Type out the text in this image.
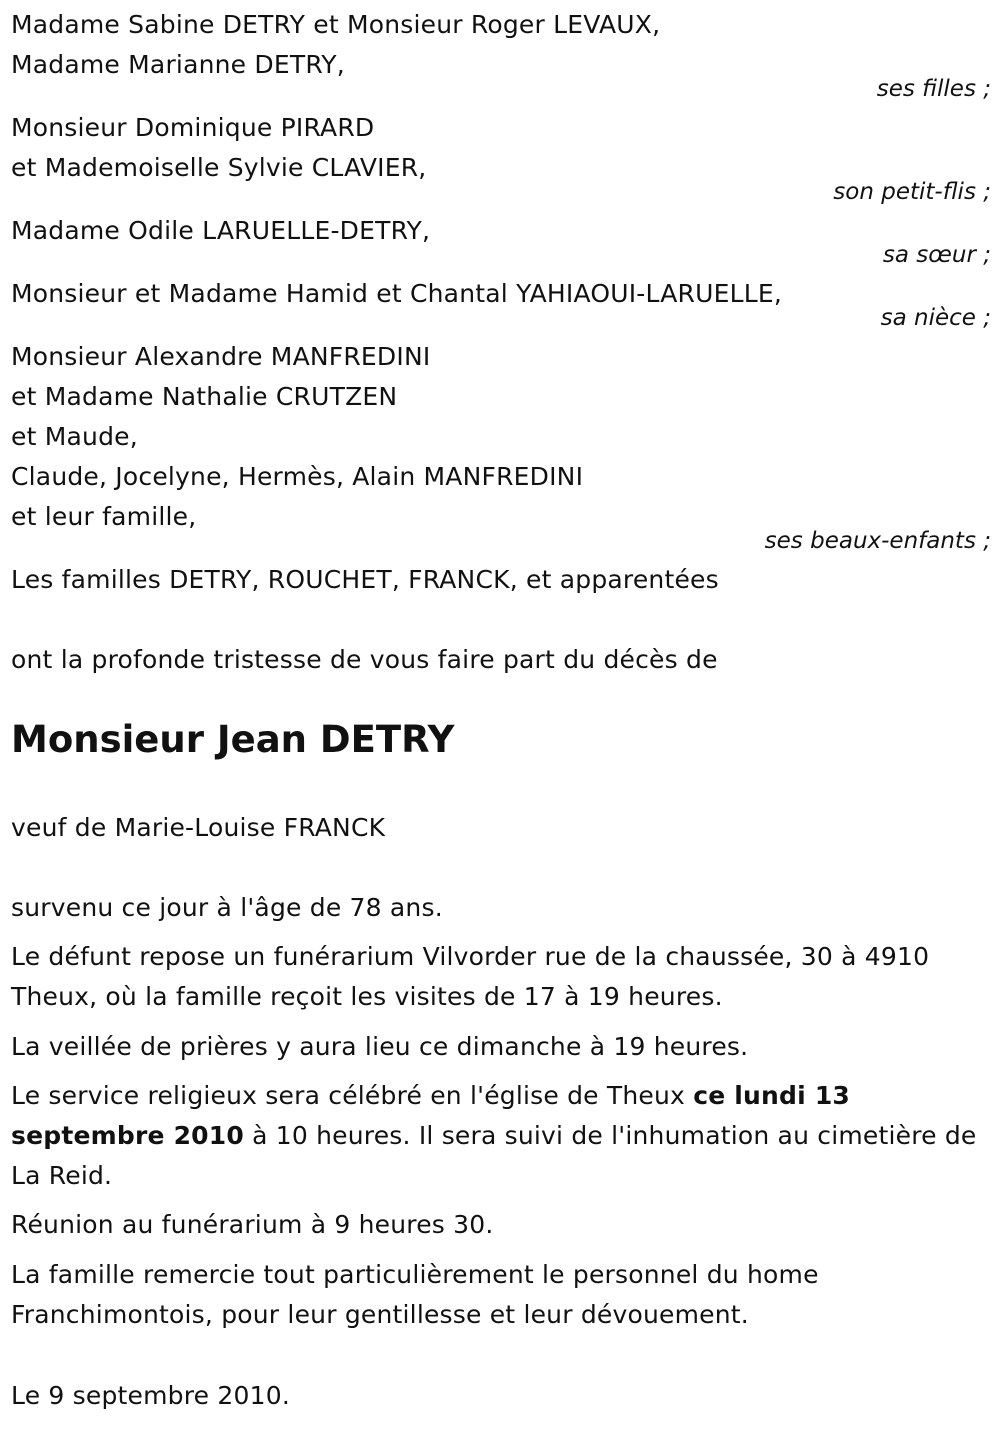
Madame Sabine DETRY et Monsieur Roger LEVAUX,
Madame Marianne DETRY,
ses filles ;
Monsieur Dominique PIRARD
et Mademoiselle Sylvie CLAVIER,
son petit-flis ;
Madame Odile LARUELLE-DETRY,
sa sœur ;
Monsieur et Madame Hamid et Chantal YAHIAOUI-LARUELLE,
sa nièce ;
Monsieur Alexandre MANFREDINI
et Madame Nathalie CRUTZEN
et Maude,
Claude, Jocelyne, Hermès, Alain MANFREDINI
et leur famille,
ses beaux-enfants ;
Les familles DETRY, ROUCHET, FRANCK, et apparentées
ont la profonde tristesse de vous faire part du décès de
Monsieur Jean DETRY
veuf de Marie-Louise FRANCK
survenu ce jour à l'âge de 78 ans.
Le défunt repose un funérarium Vilvorder rue de la chaussée, 30 à 4910 Theux, où la famille reçoit les visites de 17 à 19 heures.
La veillée de prières y aura lieu ce dimanche à 19 heures.
Le service religieux sera célébré en l'église de Theux ce lundi 13 septembre 2010 à 10 heures. Il sera suivi de l'inhumation au cimetière de La Reid.
Réunion au funérarium à 9 heures 30.
La famille remercie tout particulièrement le personnel du home Franchimontois, pour leur gentillesse et leur dévouement.
Le 9 septembre 2010.
